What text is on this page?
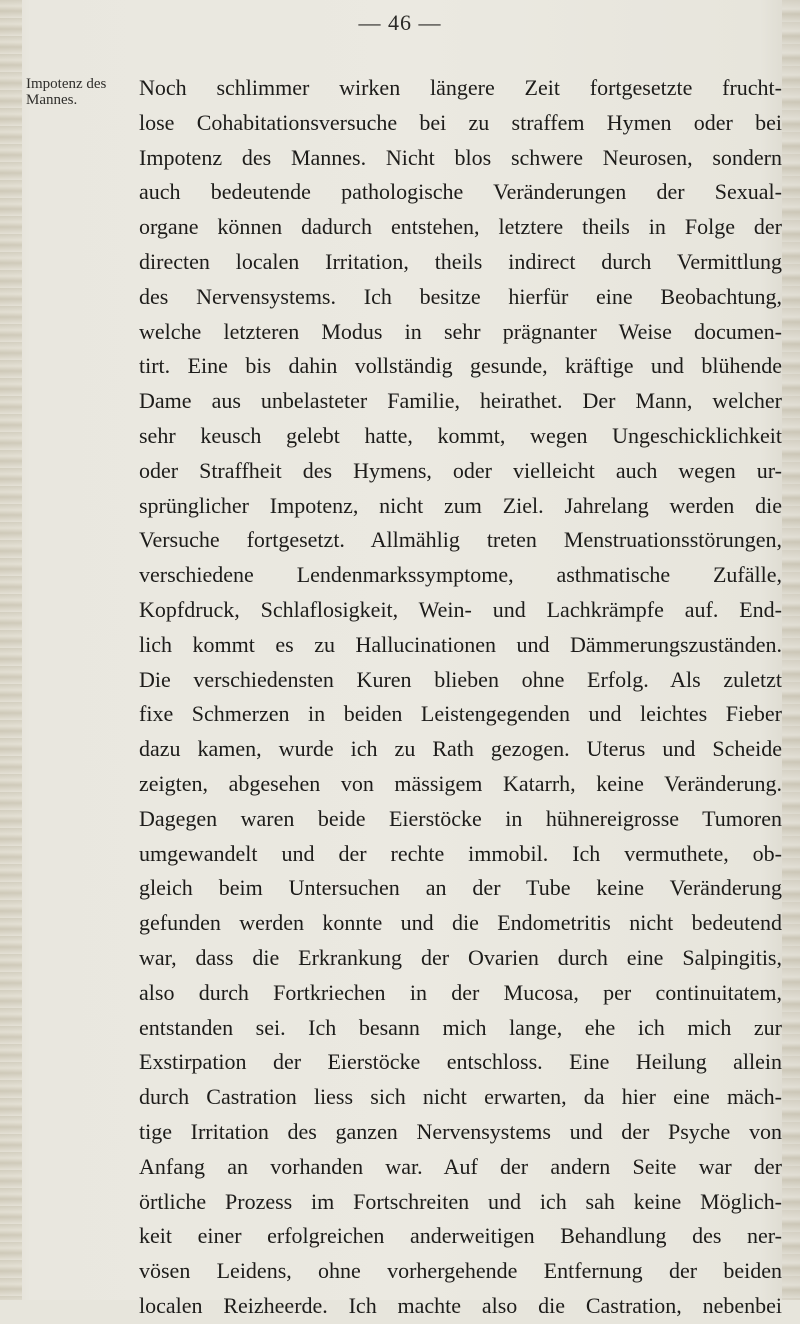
— 46 —
Impotenz des
Mannes.	Noch schlimmer wirken längere Zeit fortgesetzte frucht-
lose Cohabitationsversuche bei zu straffem Hymen oder bei
Impotenz des Mannes. Nicht blos schwere Neurosen, sondern
auch bedeutende pathologische Veränderungen der Sexual-
organe können dadurch entstehen, letztere theils in Folge der
directen localen Irritation, theils indirect durch Vermittlung
des Nervensystems. Ich besitze hierfür eine Beobachtung,
welche letzteren Modus in sehr prägnanter Weise documen-
tirt. Eine bis dahin vollständig gesunde, kräftige und blühende
Dame aus unbelasteter Familie, heirathet. Der Mann, welcher
sehr keusch gelebt hatte, kommt, wegen Ungeschicklichkeit
oder Straffheit des Hymens, oder vielleicht auch wegen ur-
sprünglicher Impotenz, nicht zum Ziel. Jahrelang werden die
Versuche fortgesetzt. Allmählig treten Menstruationsstörungen,
verschiedene Lendenmarkssymptome, asthmatische Zufälle,
Kopfdruck, Schlaflosigkeit, Wein- und Lachkrämpfe auf. End-
lich kommt es zu Hallucinationen und Dämmerungszuständen.
Die verschiedensten Kuren blieben ohne Erfolg. Als zuletzt
fixe Schmerzen in beiden Leistengegenden und leichtes Fieber
dazu kamen, wurde ich zu Rath gezogen. Uterus und Scheide
zeigten, abgesehen von mässigem Katarrh, keine Veränderung.
Dagegen waren beide Eierstöcke in hühnereigrosse Tumoren
umgewandelt und der rechte immobil. Ich vermuthete, ob-
gleich beim Untersuchen an der Tube keine Veränderung
gefunden werden konnte und die Endometritis nicht bedeutend
war, dass die Erkrankung der Ovarien durch eine Salpingitis,
also durch Fortkriechen in der Mucosa, per continuitatem,
entstanden sei. Ich besann mich lange, ehe ich mich zur
Exstirpation der Eierstöcke entschloss. Eine Heilung allein
durch Castration liess sich nicht erwarten, da hier eine mäch-
tige Irritation des ganzen Nervensystems und der Psyche von
Anfang an vorhanden war. Auf der andern Seite war der
örtliche Prozess im Fortschreiten und ich sah keine Möglich-
keit einer erfolgreichen anderweitigen Behandlung des ner-
vösen Leidens, ohne vorhergehende Entfernung der beiden
localen Reizheerde. Ich machte also die Castration, nebenbei
